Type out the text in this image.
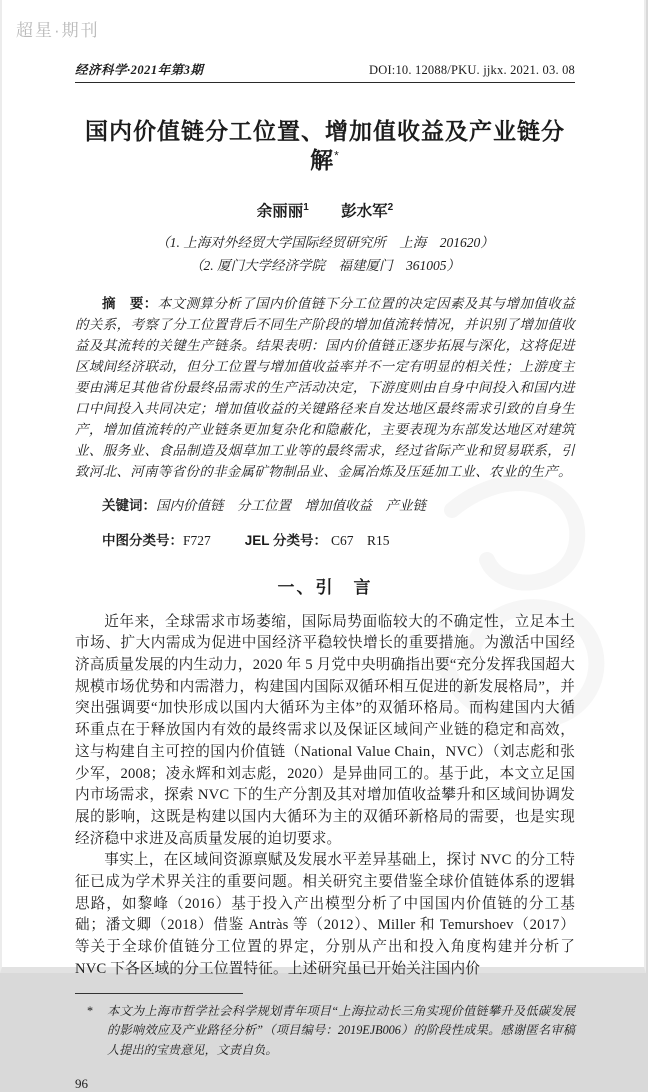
超星·期刊
经济科学·2021年第3期	DOI:10. 12088/PKU. jjkx. 2021. 03. 08
国内价值链分工位置、增加值收益及产业链分解*
余丽丽$^1$ 彭水军$^2$
（1. 上海对外经贸大学国际经贸研究所　上海　201620）
（2. 厦门大学经济学院　福建厦门　361005）

摘　要：本文测算分析了国内价值链下分工位置的决定因素及其与增加值收益的关系，考察了分工位置背后不同生产阶段的增加值流转情况，并识别了增加值收益及其流转的关键生产链条。结果表明：国内价值链正逐步拓展与深化，这将促进区域间经济联动，但分工位置与增加值收益率并不一定有明显的相关性；上游度主要由满足其他省份最终品需求的生产活动决定，下游度则由自身中间投入和国内进口中间投入共同决定；增加值收益的关键路径来自发达地区最终需求引致的自身生产，增加值流转的产业链条更加复杂化和隐蔽化，主要表现为东部发达地区对建筑业、服务业、食品制造及烟草加工业等的最终需求，经过省际产业和贸易联系，引致河北、河南等省份的非金属矿物制品业、金属冶炼及压延加工业、农业的生产。

关键词：国内价值链　分工位置　增加值收益　产业链

中图分类号：F727	JEL 分类号： C67　R15

一、引　言

近年来，全球需求市场萎缩，国际局势面临较大的不确定性，立足本土市场、扩大内需成为促进中国经济平稳较快增长的重要措施。为激活中国经济高质量发展的内生动力，2020 年 5 月党中央明确指出要“充分发挥我国超大规模市场优势和内需潜力，构建国内国际双循环相互促进的新发展格局”，并突出强调要“加快形成以国内大循环为主体”的双循环格局。而构建国内大循环重点在于释放国内有效的最终需求以及保证区域间产业链的稳定和高效，这与构建自主可控的国内价值链（National Value Chain，NVC）（刘志彪和张少军，2008；凌永辉和刘志彪，2020）是异曲同工的。基于此，本文立足国内市场需求，探索 NVC 下的生产分割及其对增加值收益攀升和区域间协调发展的影响，这既是构建以国内大循环为主的双循环新格局的需要，也是实现经济稳中求进及高质量发展的迫切要求。

事实上，在区域间资源禀赋及发展水平差异基础上，探讨 NVC 的分工特征已成为学术界关注的重要问题。相关研究主要借鉴全球价值链体系的逻辑思路，如黎峰（2016）基于投入产出模型分析了中国国内价值链的分工基础；潘文卿（2018）借鉴 Antràs 等（2012）、Miller 和 Temurshoev（2017）等关于全球价值链分工位置的界定，分别从产出和投入角度构建并分析了 NVC 下各区域的分工位置特征。上述研究虽已开始关注国内价

*	本文为上海市哲学社会科学规划青年项目“上海拉动长三角实现价值链攀升及低碳发展的影响效应及产业路径分析”（项目编号：2019EJB006）的阶段性成果。感谢匿名审稿人提出的宝贵意见，文责自负。
96
